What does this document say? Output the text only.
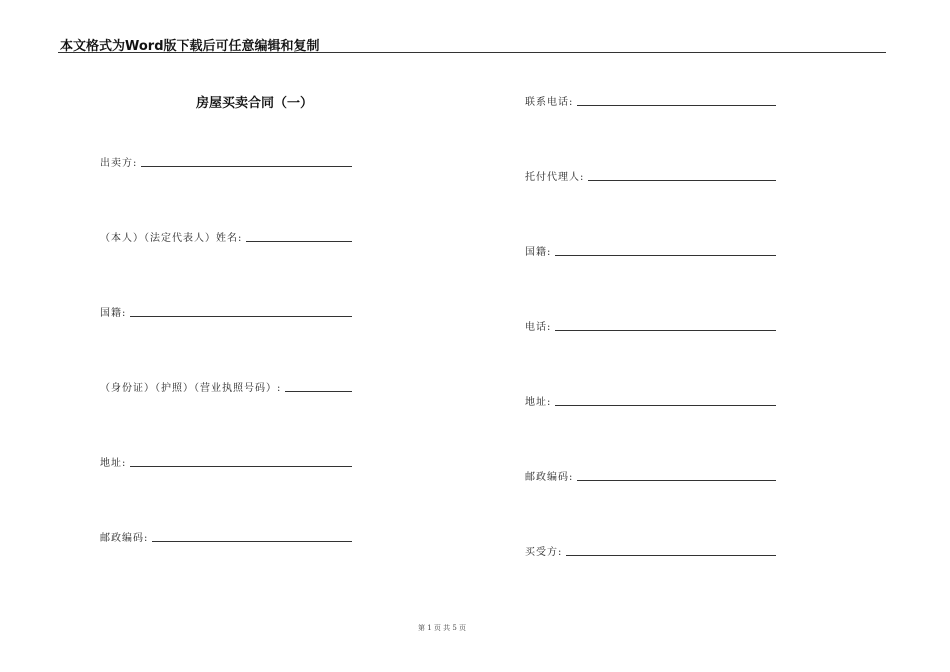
本文格式为Word版下载后可任意编辑和复制
房屋买卖合同（一）
出卖方:
（本人）（法定代表人）姓名:
国籍:
（身份证）（护照）（营业执照号码）:
地址:
邮政编码:
联系电话:
托付代理人:
国籍:
电话:
地址:
邮政编码:
买受方:
第 1 页 共 5 页
